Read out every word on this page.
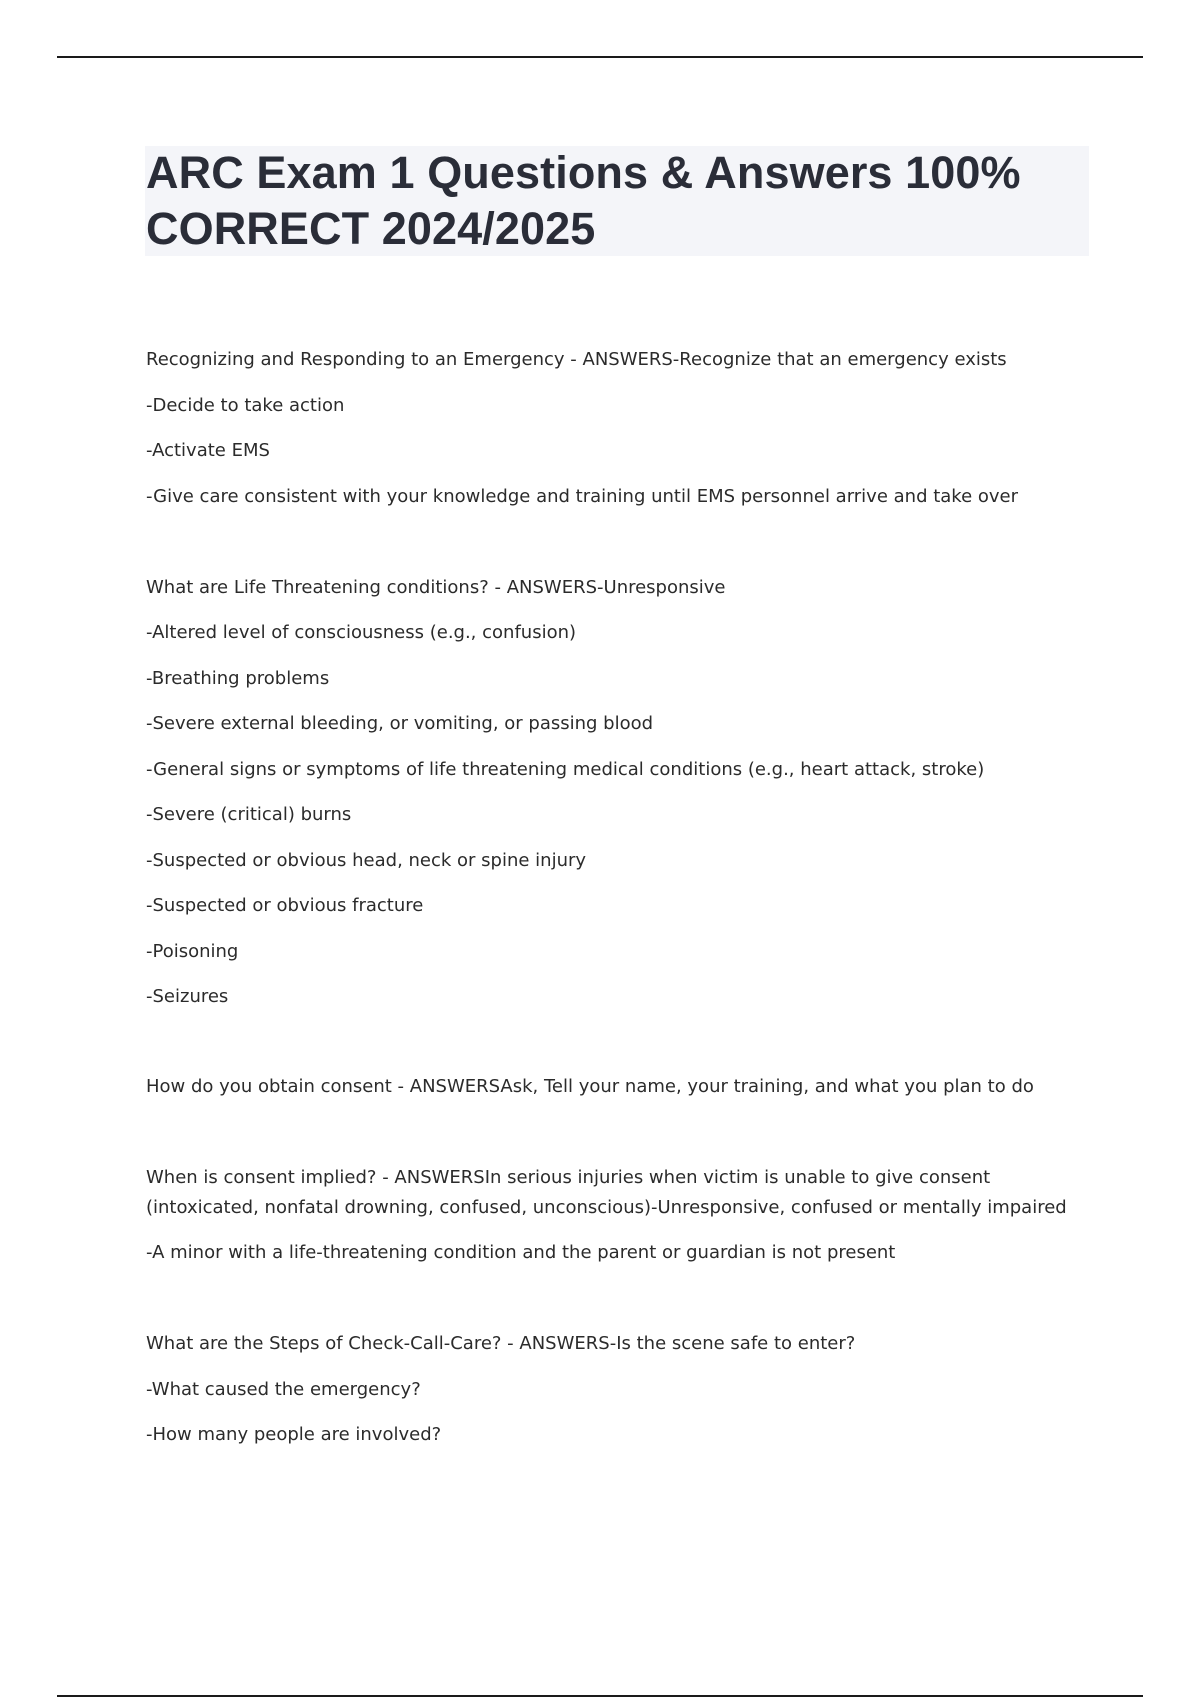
ARC Exam 1 Questions & Answers 100%
CORRECT 2024/2025

Recognizing and Responding to an Emergency - ANSWERS-Recognize that an emergency exists

-Decide to take action

-Activate EMS

-Give care consistent with your knowledge and training until EMS personnel arrive and take over

What are Life Threatening conditions? - ANSWERS-Unresponsive

-Altered level of consciousness (e.g., confusion)

-Breathing problems

-Severe external bleeding, or vomiting, or passing blood

-General signs or symptoms of life threatening medical conditions (e.g., heart attack, stroke)

-Severe (critical) burns

-Suspected or obvious head, neck or spine injury

-Suspected or obvious fracture

-Poisoning

-Seizures

How do you obtain consent - ANSWERSAsk, Tell your name, your training, and what you plan to do

When is consent implied? - ANSWERSIn serious injuries when victim is unable to give consent

(intoxicated, nonfatal drowning, confused, unconscious)-Unresponsive, confused or mentally impaired

-A minor with a life-threatening condition and the parent or guardian is not present

What are the Steps of Check-Call-Care? - ANSWERS-Is the scene safe to enter?

-What caused the emergency?

-How many people are involved?
